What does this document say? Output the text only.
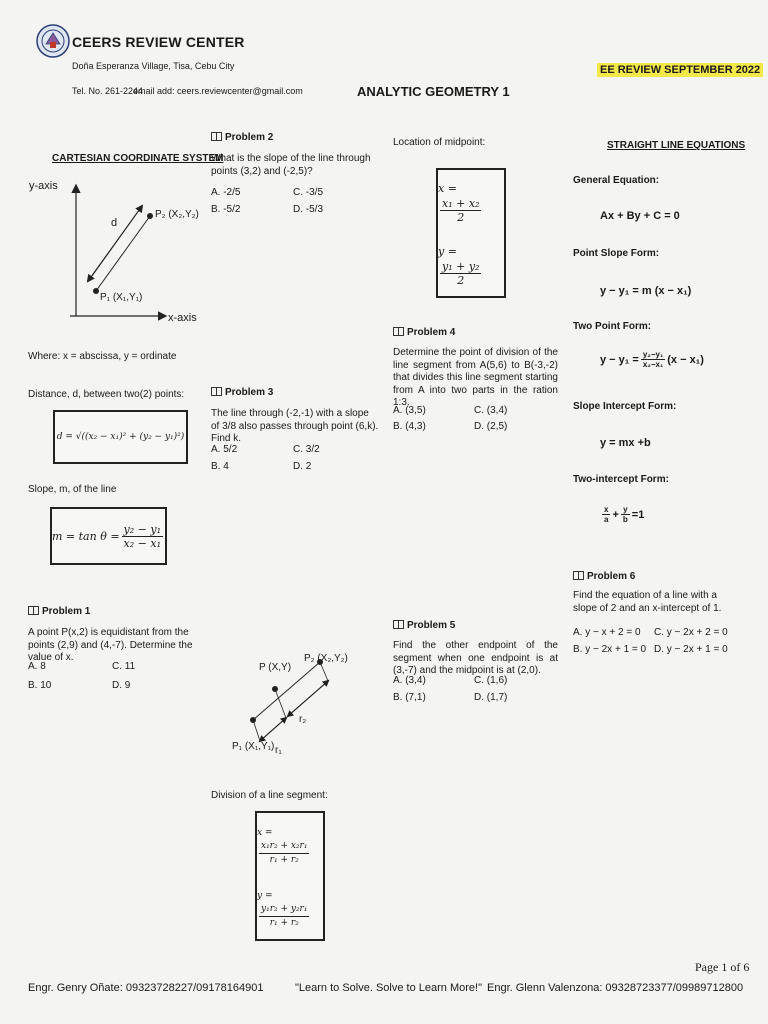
CEERS REVIEW CENTER
Doña Esperanza Village, Tisa, Cebu City
Tel. No. 261-2244
email add: ceers.reviewcenter@gmail.com
EE REVIEW SEPTEMBER 2022
ANALYTIC GEOMETRY 1
CARTESIAN COORDINATE SYSTEM
y-axis
x-axis
d
P₁ (X₁,Y₁)
P₂ (X₂,Y₂)
Where: x = abscissa, y = ordinate
Distance, d, between two(2) points:
d = √((x₂ − x₁)² + (y₂ − y₁)²)
Slope, m, of the line
$m = \tan \theta = \frac{\text{y₂ − y₁}}{\text{x₂ − x₁}}$
Problem 1
A point P(x,2) is equidistant from the points (2,9) and (4,-7). Determine the value of x.
A. 8
B. 10
C. 11
D. 9
Problem 2
What is the slope of the line through points (3,2) and (-2,5)?
A. -2/5
B. -5/2
C. -3/5
D. -5/3
Problem 3
The line through (-2,-1) with a slope of 3/8 also passes through point (6,k). Find k.
A. 5/2
B. 4
C. 3/2
D. 2
P (X,Y)
P₂ (X₂,Y₂)
P₁ (X₁,Y₁) r₁
r₂
Division of a line segment:
x =
$\frac{\text{x₁r₂ + x₂r₁}}{\text{r₁ + r₂}}$
y =
$\frac{\text{y₁r₂ + y₂r₁}}{\text{r₁ + r₂}}$
Location of midpoint:
x =
$\frac{\text{x₁ + x₂}}{2}$
y =
$\frac{\text{y₁ + y₂}}{2}$
Problem 4
Determine the point of division of the line segment from A(5,6) to B(-3,-2) that divides this line segment starting from A into two parts in the ration 1:3.
A. (3,5)
B. (4,3)
C. (3,4)
D. (2,5)
Problem 5
Find the other endpoint of the segment when one endpoint is at (3,-7) and the midpoint is at (2,0).
A. (3,4)
B. (7,1)
C. (1,6)
D. (1,7)
STRAIGHT LINE EQUATIONS
General Equation:
Ax + By + C = 0
Point Slope Form:
y − y₁ = m (x − x₁)
Two Point Form:
$y - y_1 = \frac{\text{y₂−y₁}}{\text{x₂−x₁}} (x - x_1)$
Slope Intercept Form:
y = mx +b
Two-intercept Form:
$\frac{x}{a} + \frac{y}{b} =1$
Problem 6
Find the equation of a line with a slope of 2 and an x-intercept of 1.
A. y − x + 2 = 0
B. y − 2x + 1 = 0
C. y − 2x + 2 = 0
D. y − 2x + 1 = 0
Page 1 of 6
Engr. Genry Oñate: 09323728227/09178164901	"Learn to Solve. Solve to Learn More!" Engr. Glenn Valenzona: 09328723377/09989712800
